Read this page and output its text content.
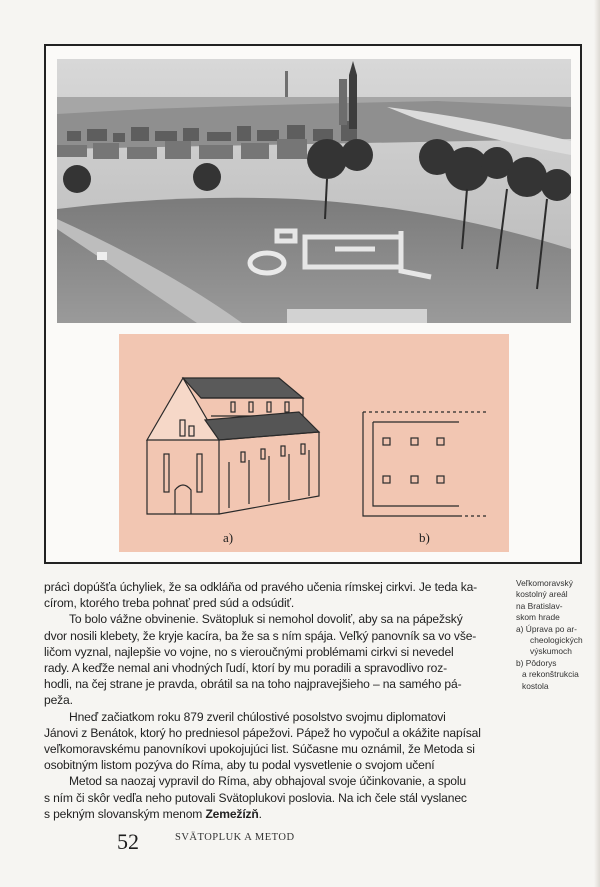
a)	b)
Veľkomoravský
kostolný areál
na Bratislav-
skom hrade
a) Úprava po ar-
cheologických
výskumoch
b) Pôdorys
a rekonštrukcia
kostola
prácì dopúšťa úchyliek, že sa odkláňa od pravého učenia rímskej cirkvi. Je teda ka-
círom, ktorého treba pohnať pred súd a odsúdiť.
To bolo vážne obvinenie. Svätopluk si nemohol dovoliť, aby sa na pápežský
dvor nosili klebety, že kryje kacíra, ba že sa s ním spája. Veľký panovník sa vo vše-
ličom vyznal, najlepšie vo vojne, no s vieroučnými problémami cirkvi si nevedel
rady. A keďže nemal ani vhodných ľudí, ktorí by mu poradili a spravodlivo roz-
hodli, na čej strane je pravda, obrátil sa na toho najpravejšieho – na samého pá-
peža.
Hneď začiatkom roku 879 zveril chúlostivé posolstvo svojmu diplomatovi
Jánovi z Benátok, ktorý ho predniesol pápežovi. Pápež ho vypočul a okážite napísal
veľkomoravskému panovníkovi upokojujúci list. Súčasne mu oznámil, že Metoda si
osobitným listom pozýva do Ríma, aby tu podal vysvetlenie o svojom učení
Metod sa naozaj vypravil do Ríma, aby obhajoval svoje účinkovanie, a spolu
s ním či skôr vedľa neho putovali Svätoplukovi poslovia. Na ich čele stál vyslanec
s pekným slovanským menom Zemežízň.
52	SVÄTOPLUK A METOD
